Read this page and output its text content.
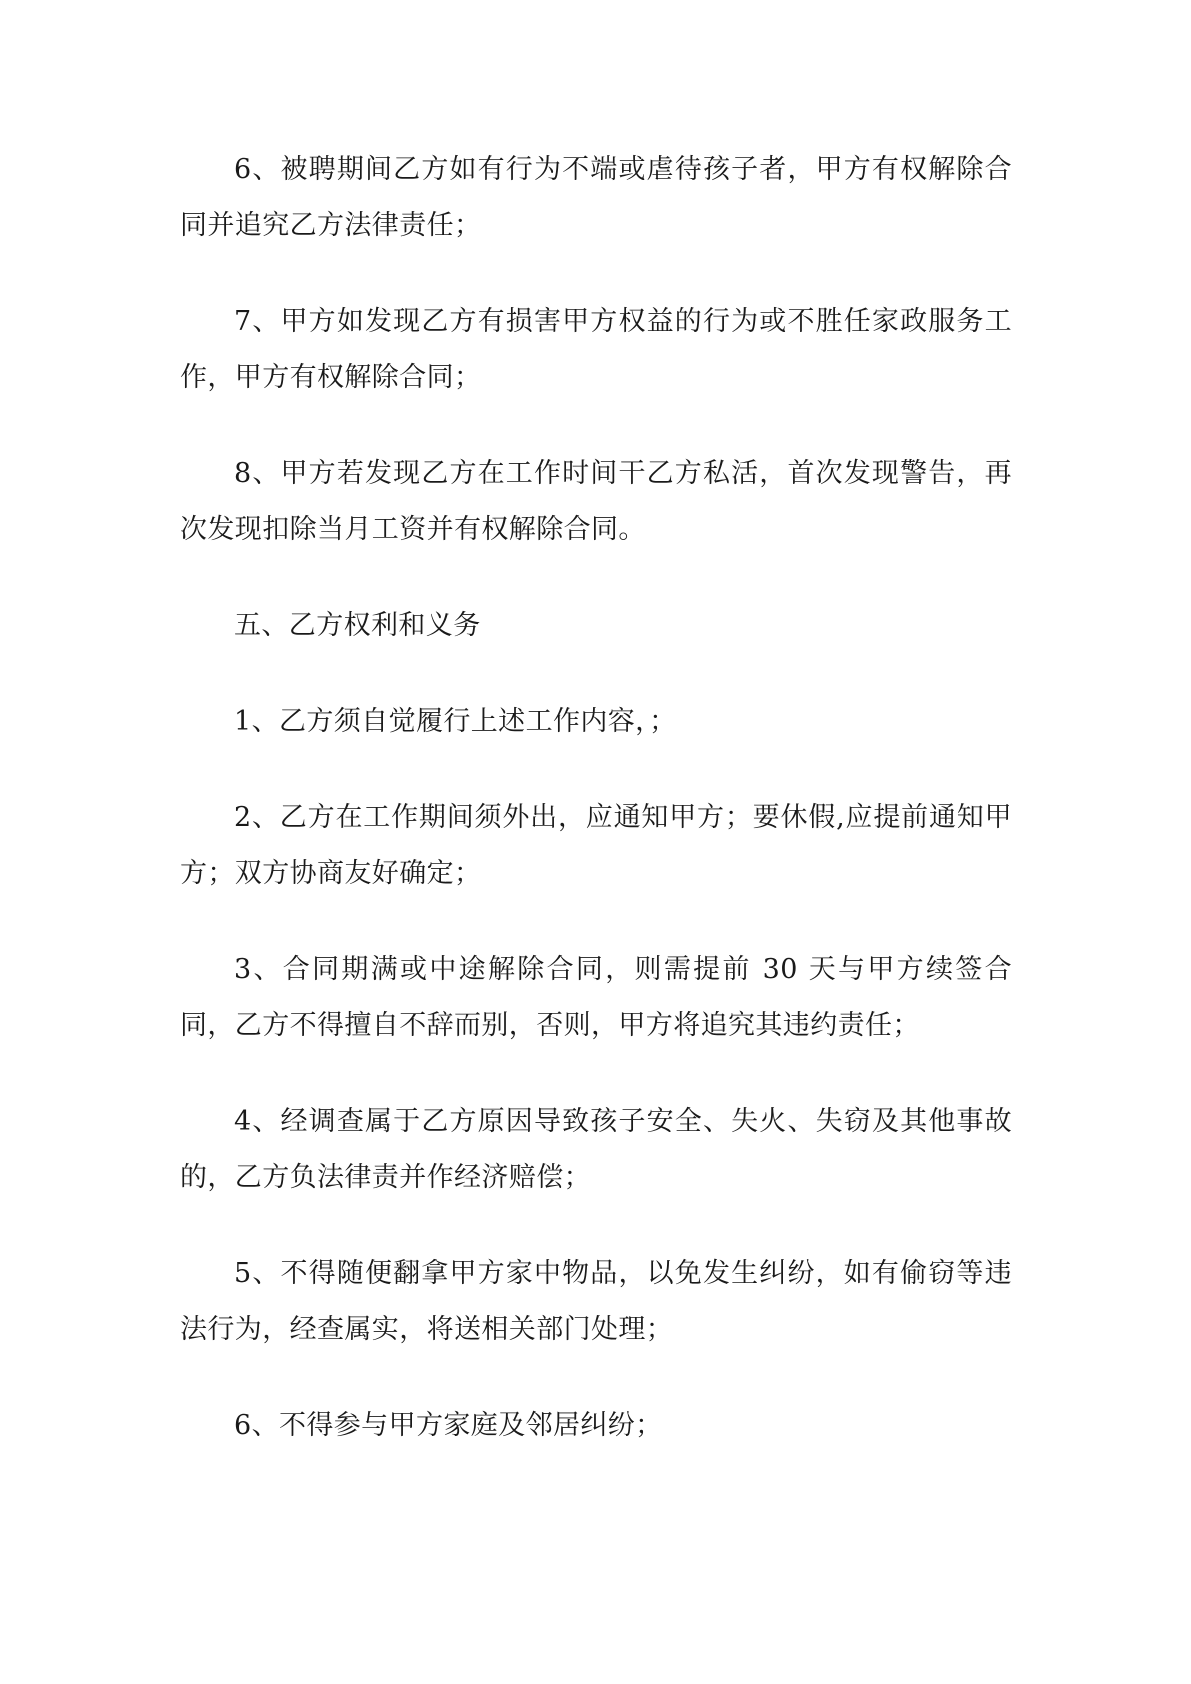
6、被聘期间乙方如有行为不端或虐待孩子者，甲方有权解除合同并追究乙方法律责任；

7、甲方如发现乙方有损害甲方权益的行为或不胜任家政服务工作，甲方有权解除合同；

8、甲方若发现乙方在工作时间干乙方私活，首次发现警告，再次发现扣除当月工资并有权解除合同。

五、乙方权利和义务

1、乙方须自觉履行上述工作内容，；

2、乙方在工作期间须外出，应通知甲方；要休假,应提前通知甲方；双方协商友好确定；

3、合同期满或中途解除合同，则需提前 30 天与甲方续签合同，乙方不得擅自不辞而别，否则，甲方将追究其违约责任；

4、经调查属于乙方原因导致孩子安全、失火、失窃及其他事故的，乙方负法律责并作经济赔偿；

5、不得随便翻拿甲方家中物品，以免发生纠纷，如有偷窃等违法行为，经查属实，将送相关部门处理；

6、不得参与甲方家庭及邻居纠纷；
